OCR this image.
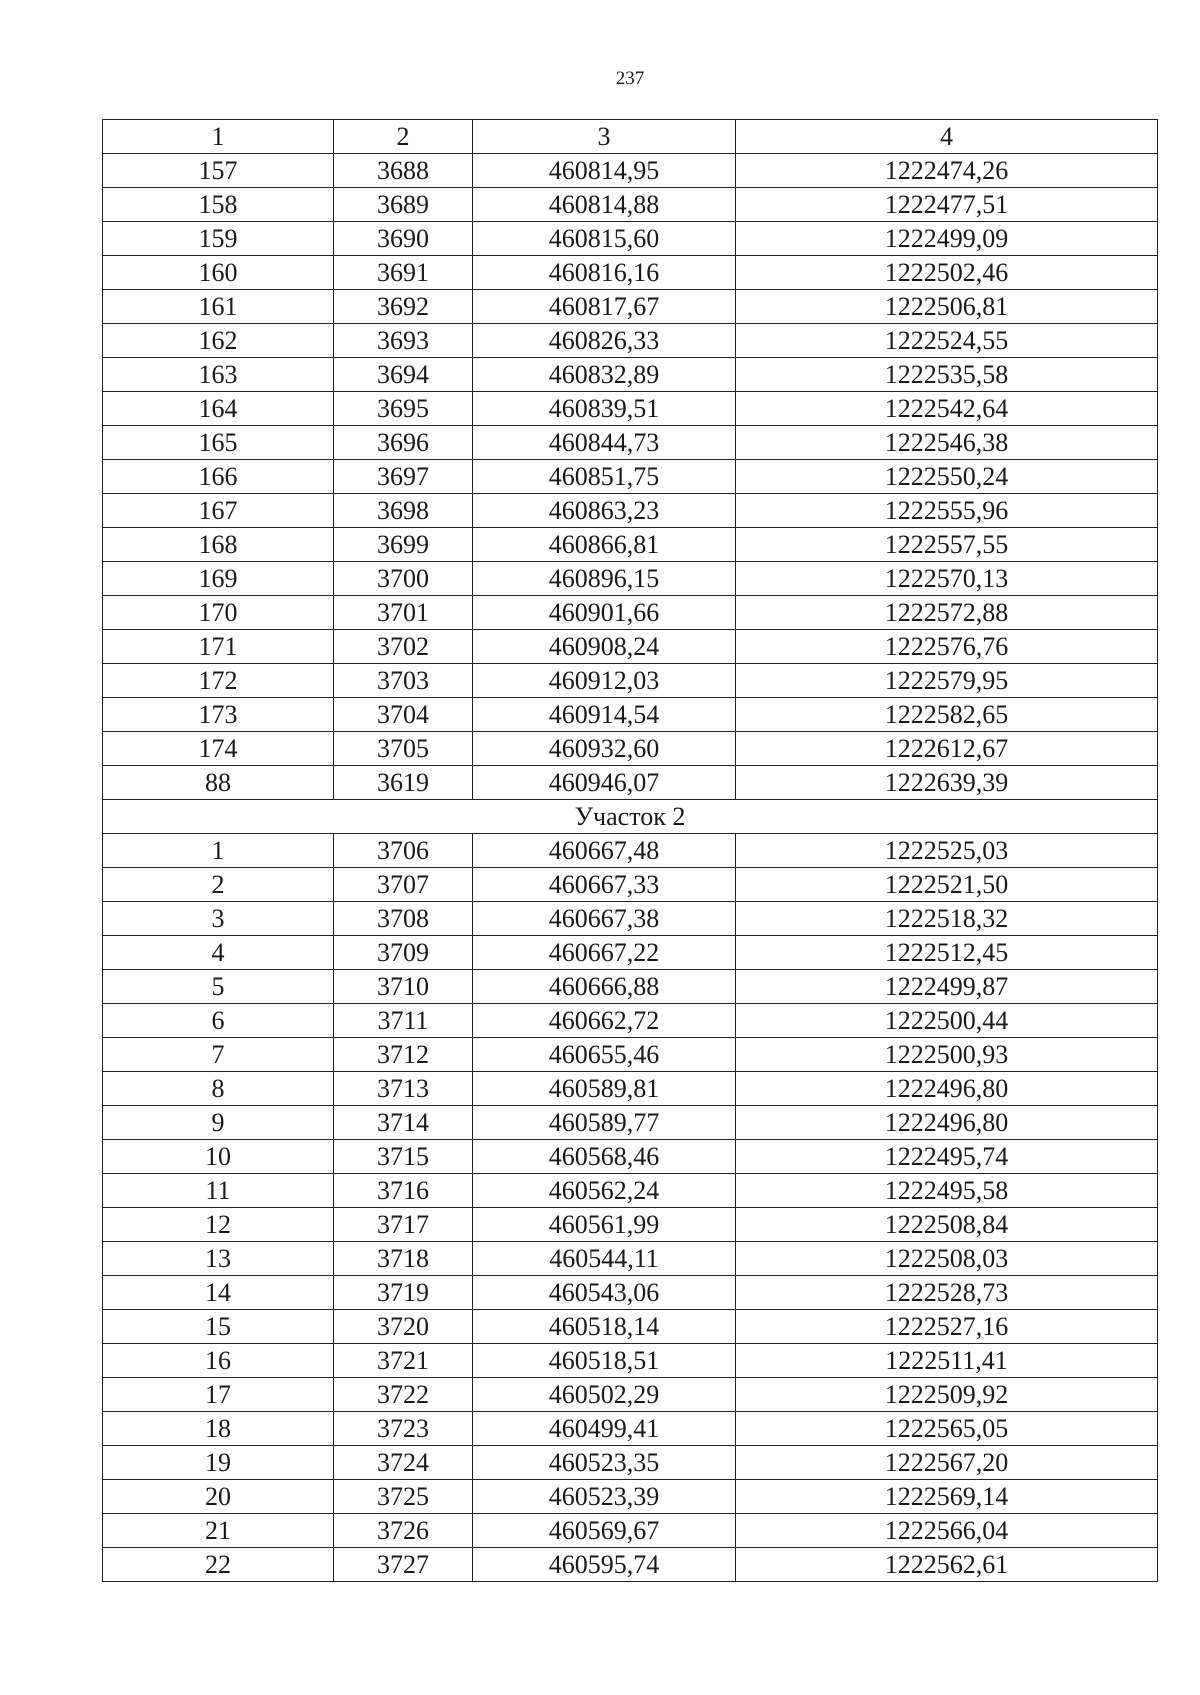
237
1	2	3	4
157	3688	460814,95	1222474,26
158	3689	460814,88	1222477,51
159	3690	460815,60	1222499,09
160	3691	460816,16	1222502,46
161	3692	460817,67	1222506,81
162	3693	460826,33	1222524,55
163	3694	460832,89	1222535,58
164	3695	460839,51	1222542,64
165	3696	460844,73	1222546,38
166	3697	460851,75	1222550,24
167	3698	460863,23	1222555,96
168	3699	460866,81	1222557,55
169	3700	460896,15	1222570,13
170	3701	460901,66	1222572,88
171	3702	460908,24	1222576,76
172	3703	460912,03	1222579,95
173	3704	460914,54	1222582,65
174	3705	460932,60	1222612,67
88	3619	460946,07	1222639,39
Участок 2			
1	3706	460667,48	1222525,03
2	3707	460667,33	1222521,50
3	3708	460667,38	1222518,32
4	3709	460667,22	1222512,45
5	3710	460666,88	1222499,87
6	3711	460662,72	1222500,44
7	3712	460655,46	1222500,93
8	3713	460589,81	1222496,80
9	3714	460589,77	1222496,80
10	3715	460568,46	1222495,74
11	3716	460562,24	1222495,58
12	3717	460561,99	1222508,84
13	3718	460544,11	1222508,03
14	3719	460543,06	1222528,73
15	3720	460518,14	1222527,16
16	3721	460518,51	1222511,41
17	3722	460502,29	1222509,92
18	3723	460499,41	1222565,05
19	3724	460523,35	1222567,20
20	3725	460523,39	1222569,14
21	3726	460569,67	1222566,04
22	3727	460595,74	1222562,61
